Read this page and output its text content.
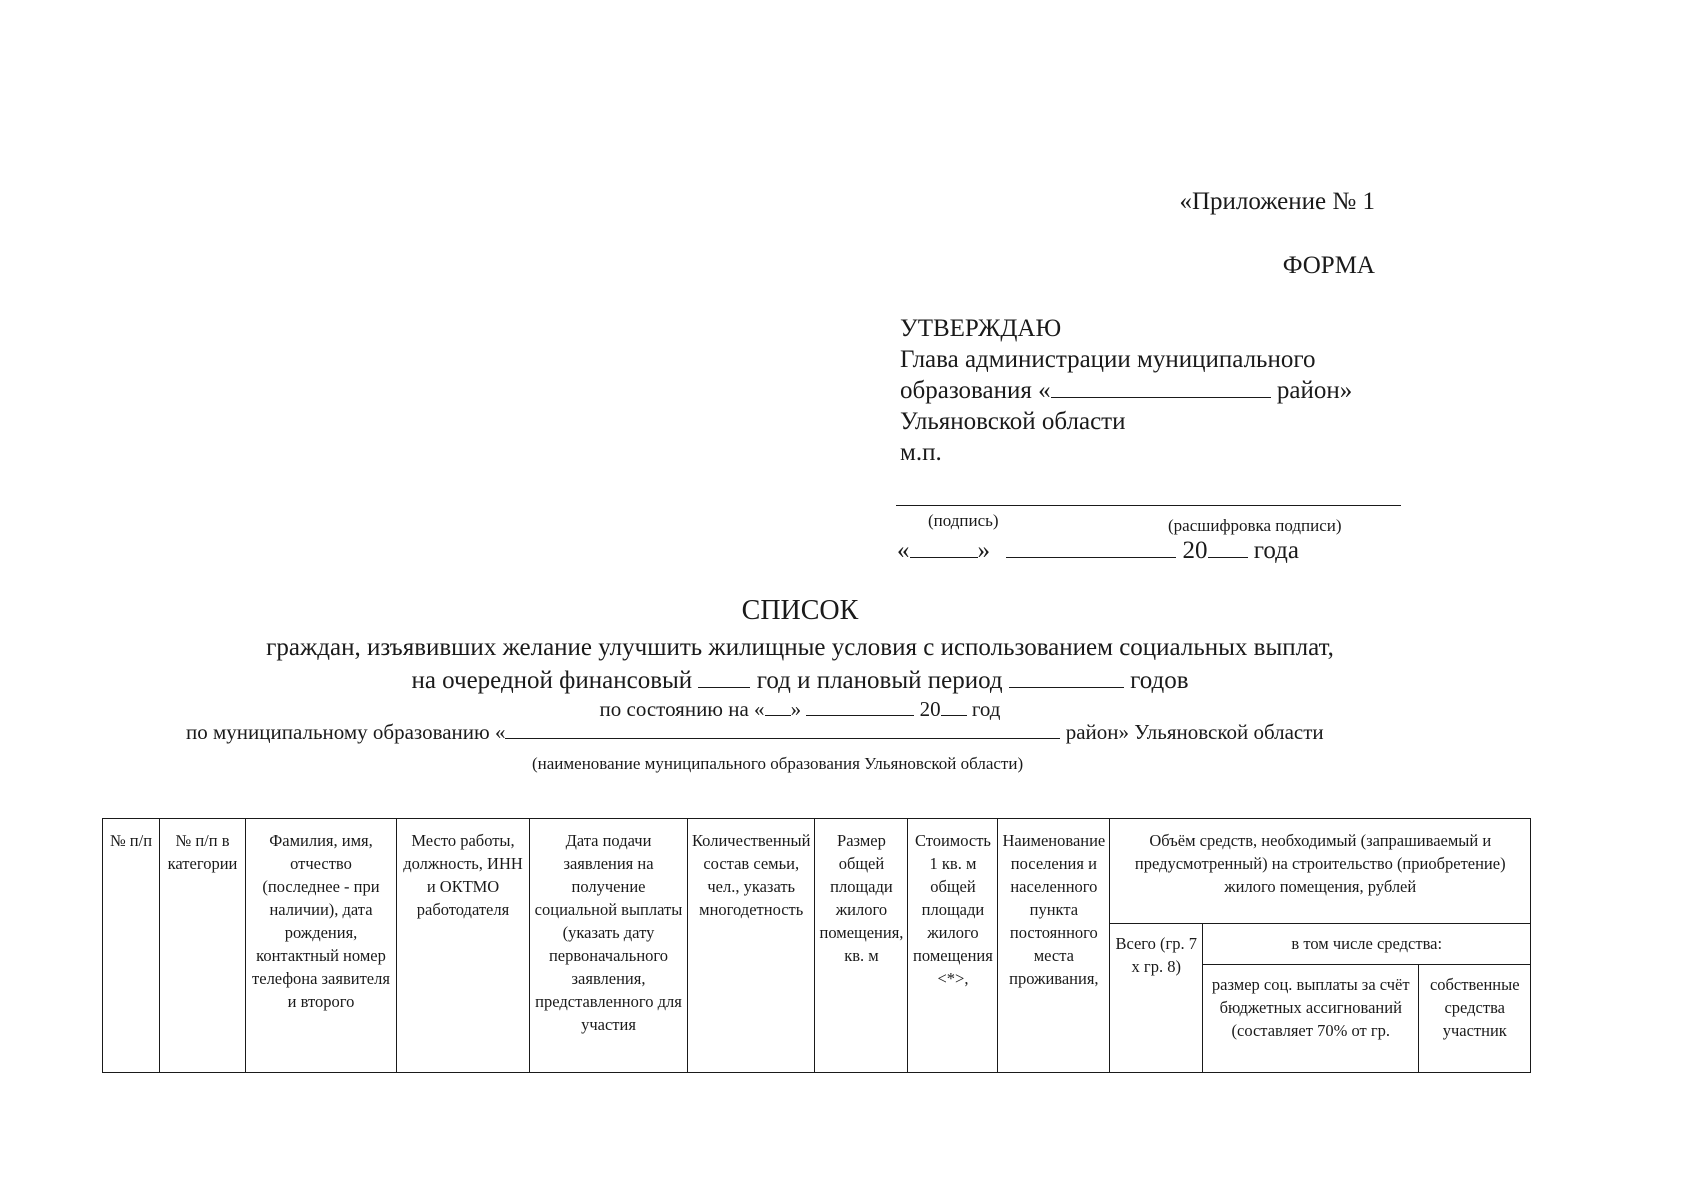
«Приложение № 1
ФОРМА
УТВЕРЖДАЮ
Глава администрации муниципального
образования «	район»
Ульяновской области
м.п.
(подпись)	(расшифровка подписи)
«	»	20 года
СПИСОК
граждан, изъявивших желание улучшить жилищные условия с использованием социальных выплат,
на очередной финансовый  год и плановый период	годов
по состоянию на « »	20 год
по муниципальному образованию «	район» Ульяновской области
(наименование муниципального образования Ульяновской области)
№ п/п	№ п/п в категории	Фамилия, имя, отчество (последнее - при наличии), дата рождения, контактный номер телефона заявителя и второго	Место работы, должность, ИНН и ОКТМО работодателя	Дата подачи заявления на получение социальной выплаты (указать дату первоначального заявления, представленного для участия	Количественный состав семьи, чел., указать многодетность	Размер общей площади жилого помещения, кв. м	Стоимость 1 кв. м общей площади жилого помещения <*>,	Наименование поселения и населенного пункта постоянного места проживания,	Объём средств, необходимый (запрашиваемый и предусмотренный) на строительство (приобретение) жилого помещения, рублей		
									Всего (гр. 7 х гр. 8)	в том числе средства:	
										размер соц. выплаты за счёт бюджетных ассигнований (составляет 70% от гр.	собственные средства участник
